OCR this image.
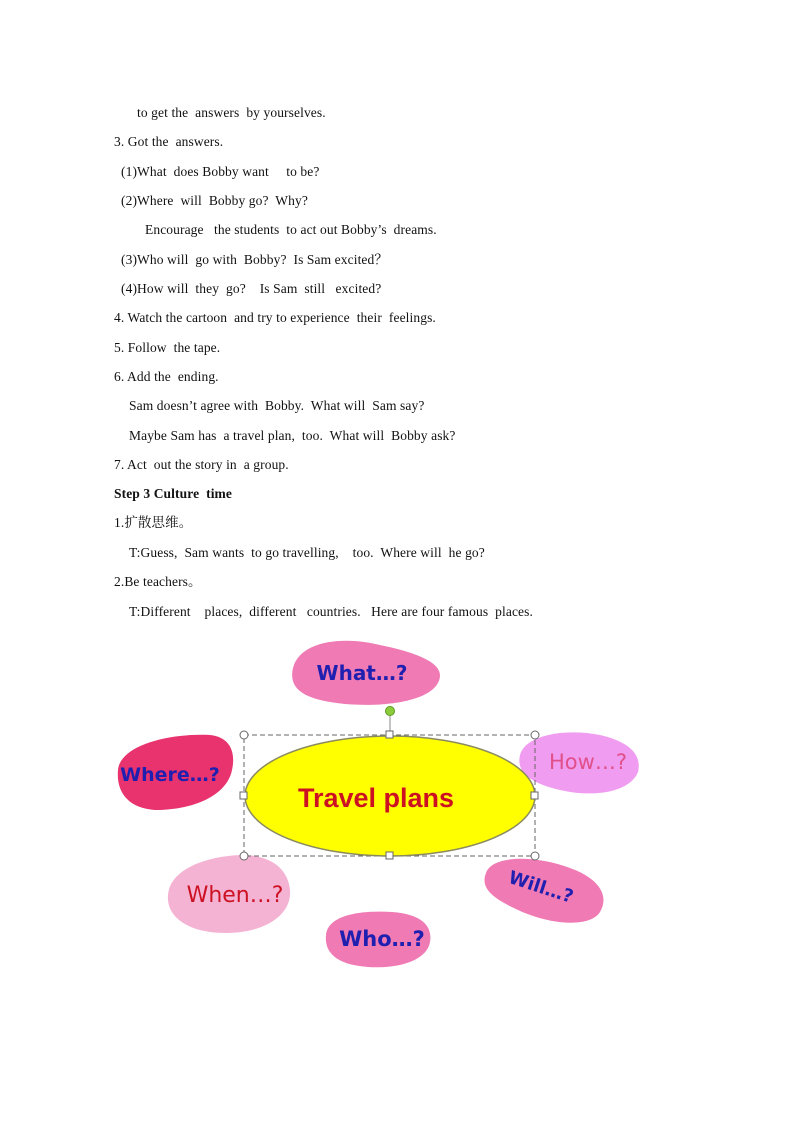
to get the  answers  by yourselves.
3. Got the  answers.
(1)What  does Bobby want     to be?
(2)Where  will  Bobby go?  Why?
Encourage   the students  to act out Bobby’s  dreams.
(3)Who will  go with  Bobby?  Is Sam excited？
(4)How will  they  go?    Is Sam  still   excited?
4. Watch the cartoon  and try to experience  their  feelings.
5. Follow  the tape.
6. Add the  ending.
Sam doesn’t agree with  Bobby.  What will  Sam say?
Maybe Sam has  a travel plan,  too.  What will  Bobby ask?
7. Act  out the story in  a group.
Step 3 Culture  time
1.扩散思维。
T:Guess,  Sam wants  to go travelling,    too.  Where will  he go?
2.Be teachers。
T:Different    places,  different   countries.   Here are four famous  places.
What…?
Where…?
How…?
When…?	Will…?
Who…?
Travel plans
